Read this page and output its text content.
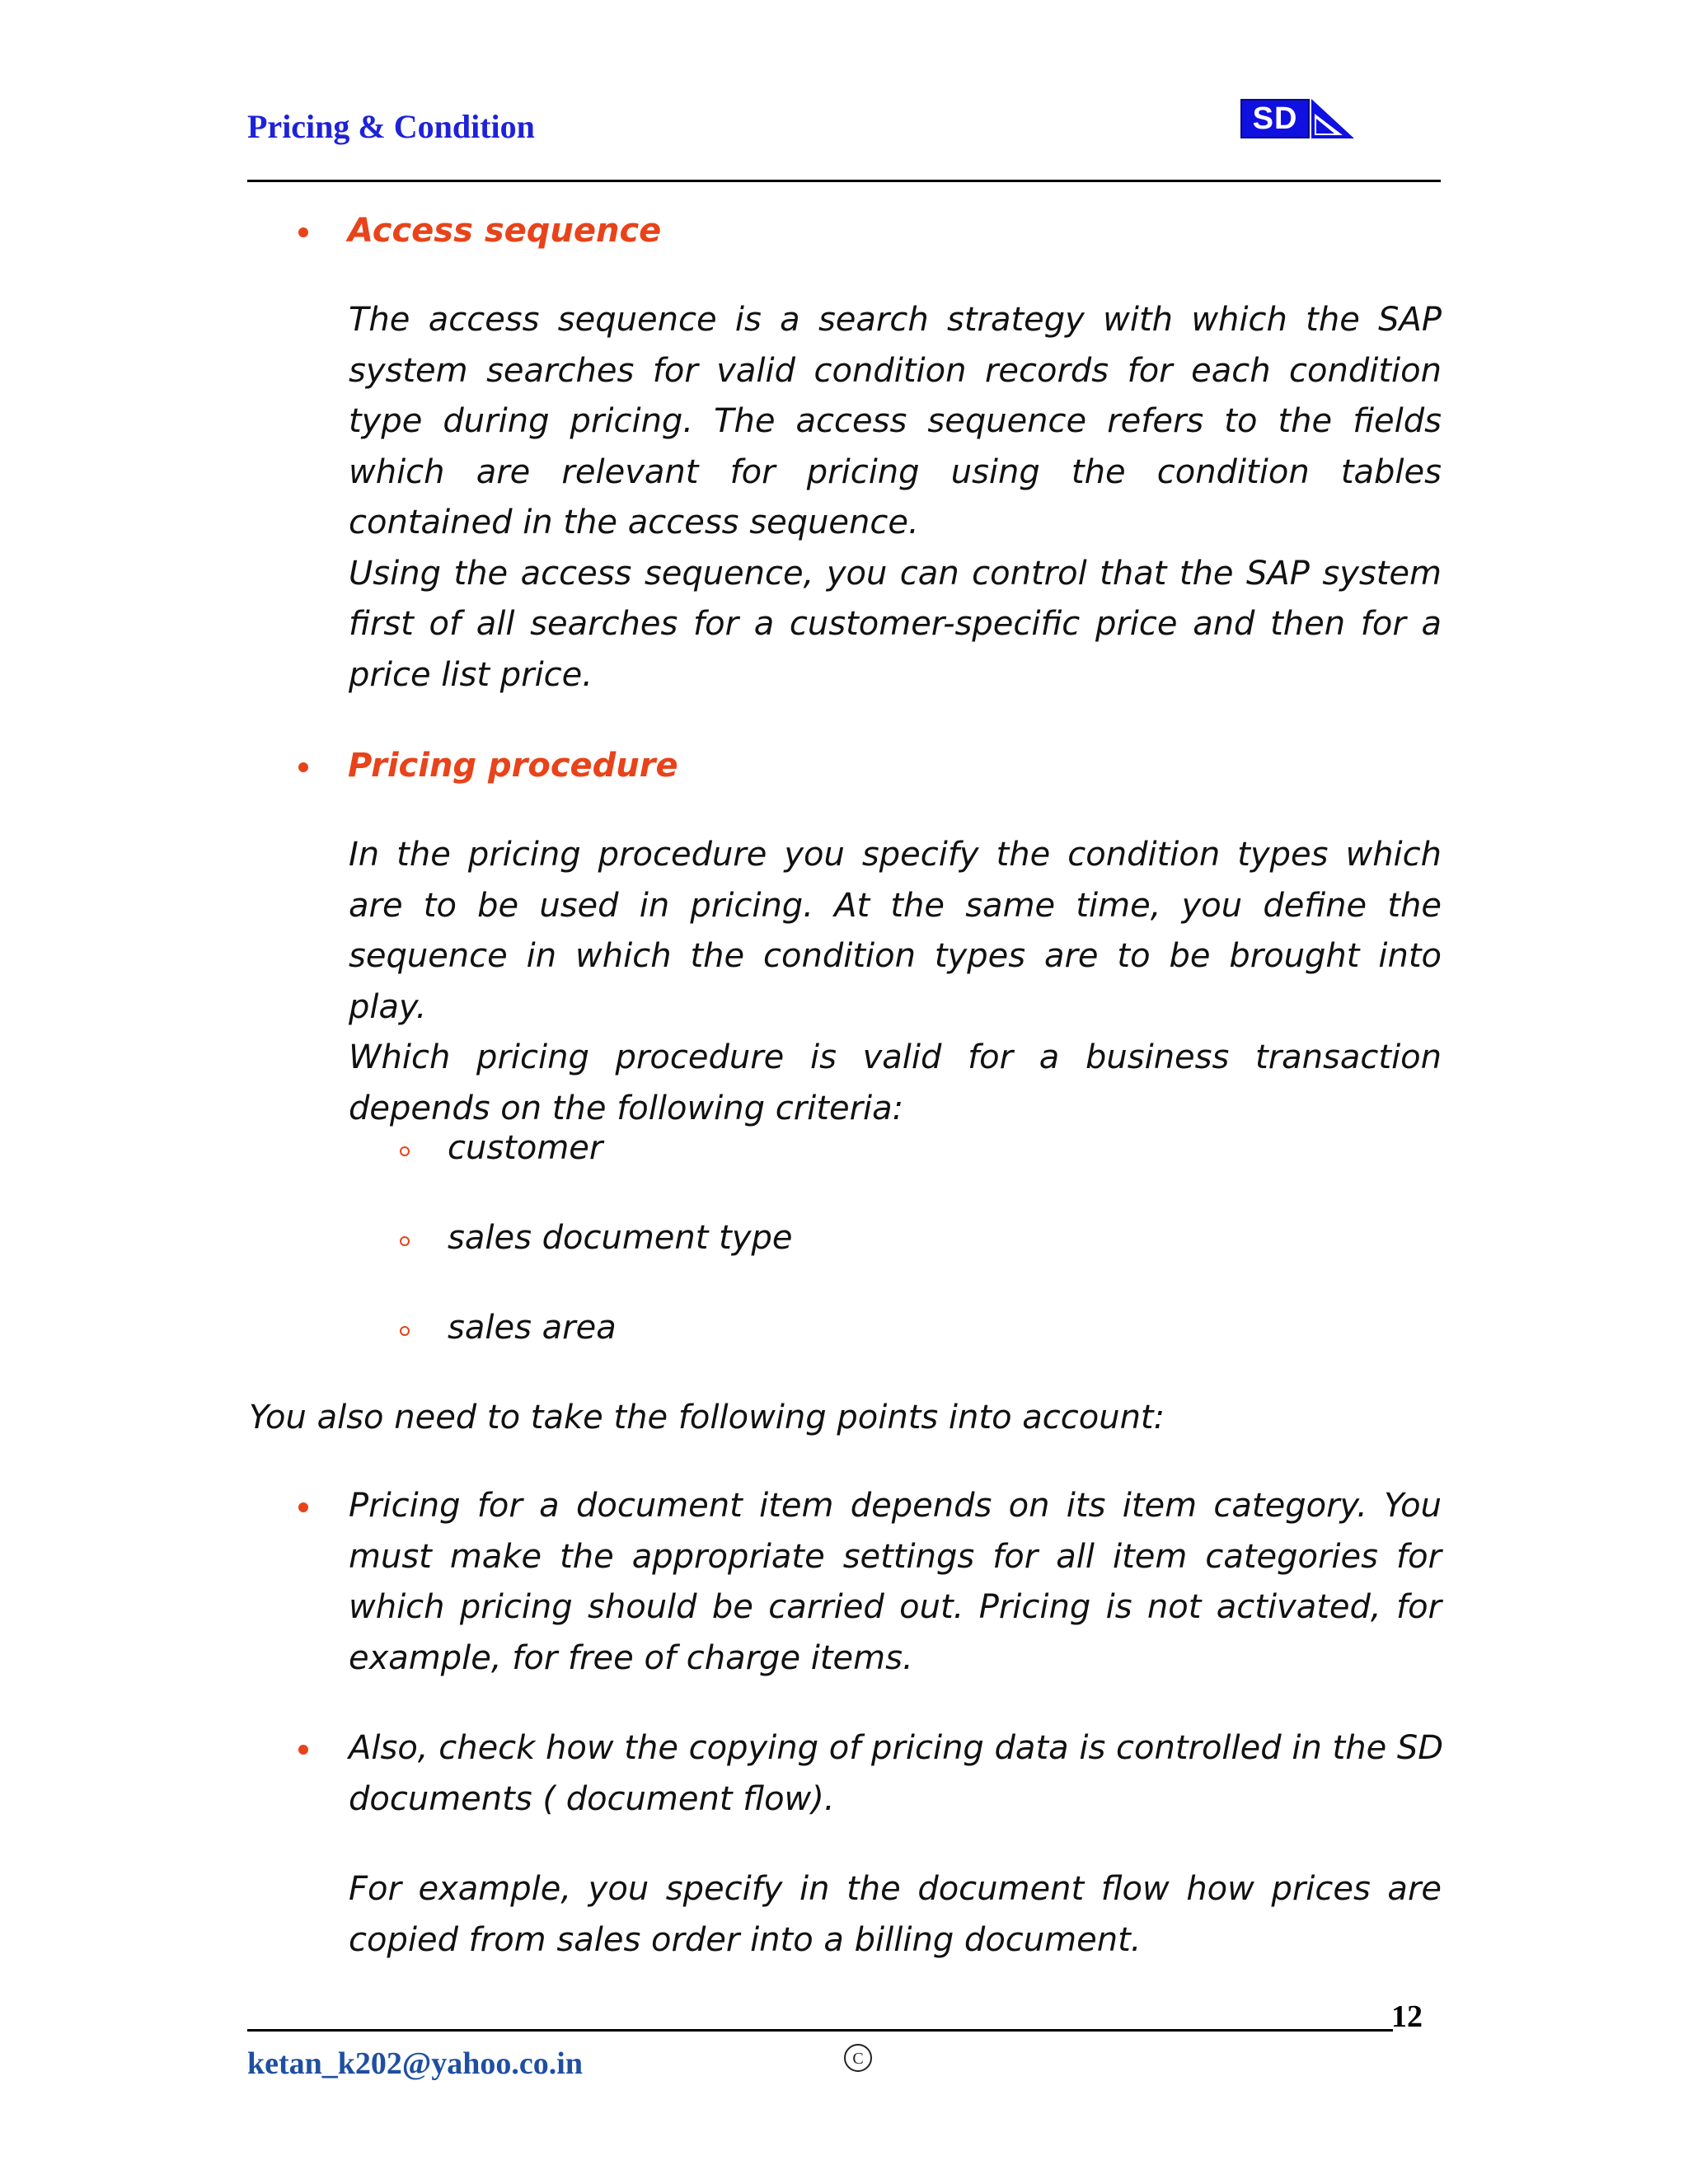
Pricing & Condition	SD
Access sequence

The access sequence is a search strategy with which the SAP system searches for valid condition records for each condition type during pricing. The access sequence refers to the fields which are relevant for pricing using the condition tables contained in the access sequence.

Using the access sequence, you can control that the SAP system first of all searches for a customer-specific price and then for a price list price.

Pricing procedure

In the pricing procedure you specify the condition types which are to be used in pricing. At the same time, you define the sequence in which the condition types are to be brought into play.

Which pricing procedure is valid for a business transaction depends on the following criteria:

customer
sales document type
sales area
You also need to take the following points into account:
Pricing for a document item depends on its item category. You must make the appropriate settings for all item categories for which pricing should be carried out. Pricing is not activated, for example, for free of charge items.
Also, check how the copying of pricing data is controlled in the SD documents ( document flow).
For example, you specify in the document flow how prices are copied from sales order into a billing document.

12

ketan_k202@yahoo.co.in	C
